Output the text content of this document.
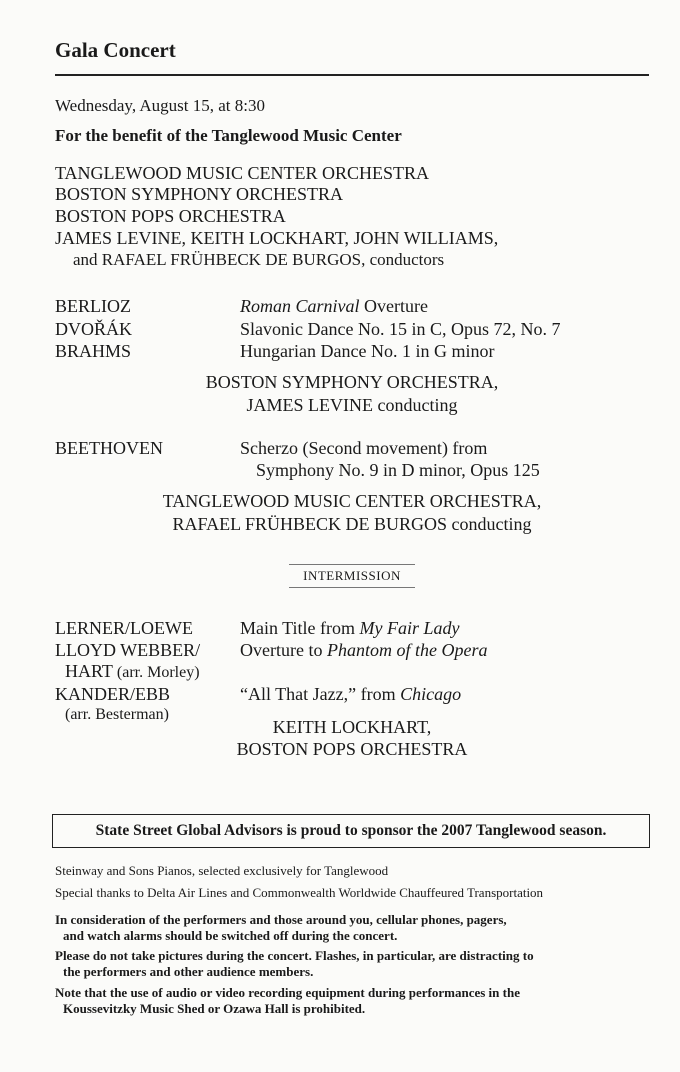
Gala Concert
Wednesday, August 15, at 8:30
For the benefit of the Tanglewood Music Center
TANGLEWOOD MUSIC CENTER ORCHESTRA
BOSTON SYMPHONY ORCHESTRA
BOSTON POPS ORCHESTRA
JAMES LEVINE, KEITH LOCKHART, JOHN WILLIAMS,
and RAFAEL FRÜHBECK DE BURGOS, conductors
BERLIOZ	Roman Carnival Overture
DVOŘÁK	Slavonic Dance No. 15 in C, Opus 72, No. 7
BRAHMS	Hungarian Dance No. 1 in G minor
BOSTON SYMPHONY ORCHESTRA,
JAMES LEVINE conducting
BEETHOVEN	Scherzo (Second movement) from
Symphony No. 9 in D minor, Opus 125
TANGLEWOOD MUSIC CENTER ORCHESTRA,
RAFAEL FRÜHBECK DE BURGOS conducting
INTERMISSION
LERNER/LOEWE	Main Title from My Fair Lady
LLOYD WEBBER/ Overture to Phantom of the Opera
HART (arr. Morley)
KANDER/EBB	“All That Jazz,” from Chicago
(arr. Besterman)
KEITH LOCKHART,
BOSTON POPS ORCHESTRA
State Street Global Advisors is proud to sponsor the 2007 Tanglewood season.
Steinway and Sons Pianos, selected exclusively for Tanglewood
Special thanks to Delta Air Lines and Commonwealth Worldwide Chauffeured Transportation
In consideration of the performers and those around you, cellular phones, pagers,
and watch alarms should be switched off during the concert.
Please do not take pictures during the concert. Flashes, in particular, are distracting to
the performers and other audience members.
Note that the use of audio or video recording equipment during performances in the
Koussevitzky Music Shed or Ozawa Hall is prohibited.
